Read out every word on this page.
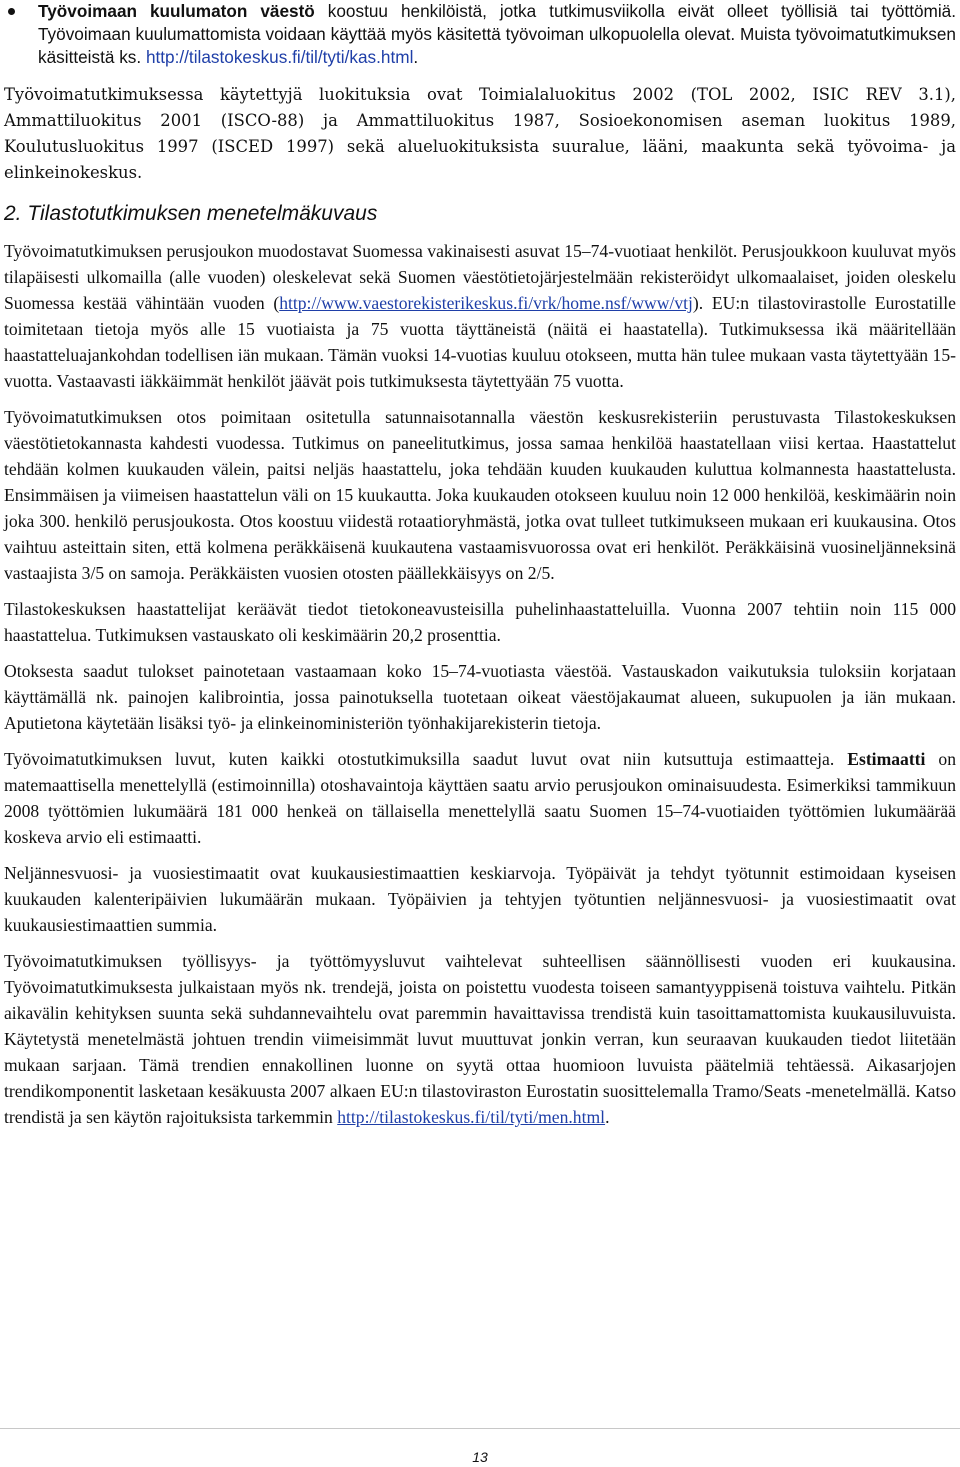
Työvoimaan kuulumaton väestö koostuu henkilöistä, jotka tutkimusviikolla eivät olleet työllisiä tai työttömiä. Työvoimaan kuulumattomista voidaan käyttää myös käsitettä työvoiman ulkopuolella olevat. Muista työvoimatutkimuksen käsitteistä ks. http://tilastokeskus.fi/til/tyti/kas.html.

Työvoimatutkimuksessa käytettyjä luokituksia ovat Toimialaluokitus 2002 (TOL 2002, ISIC REV 3.1), Ammattiluokitus 2001 (ISCO-88) ja Ammattiluokitus 1987, Sosioekonomisen aseman luokitus 1989, Koulutusluokitus 1997 (ISCED 1997) sekä alueluokituksista suuralue, lääni, maakunta sekä työvoima- ja elinkeinokeskus.

2. Tilastotutkimuksen menetelmäkuvaus

Työvoimatutkimuksen perusjoukon muodostavat Suomessa vakinaisesti asuvat 15–74-vuotiaat henkilöt. Perusjoukkoon kuuluvat myös tilapäisesti ulkomailla (alle vuoden) oleskelevat sekä Suomen väestötietojärjestelmään rekisteröidyt ulkomaalaiset, joiden oleskelu Suomessa kestää vähintään vuoden (http://www.vaestorekisterikeskus.fi/vrk/home.nsf/www/vtj). EU:n tilastovirastolle Eurostatille toimitetaan tietoja myös alle 15 vuotiaista ja 75 vuotta täyttäneistä (näitä ei haastatella). Tutkimuksessa ikä määritellään haastatteluajankohdan todellisen iän mukaan. Tämän vuoksi 14-vuotias kuuluu otokseen, mutta hän tulee mukaan vasta täytettyään 15-vuotta. Vastaavasti iäkkäimmät henkilöt jäävät pois tutkimuksesta täytettyään 75 vuotta.

Työvoimatutkimuksen otos poimitaan ositetulla satunnaisotannalla väestön keskusrekisteriin perustuvasta Tilastokeskuksen väestötietokannasta kahdesti vuodessa. Tutkimus on paneelitutkimus, jossa samaa henkilöä haastatellaan viisi kertaa. Haastattelut tehdään kolmen kuukauden välein, paitsi neljäs haastattelu, joka tehdään kuuden kuukauden kuluttua kolmannesta haastattelusta. Ensimmäisen ja viimeisen haastattelun väli on 15 kuukautta. Joka kuukauden otokseen kuuluu noin 12 000 henkilöä, keskimäärin noin joka 300. henkilö perusjoukosta. Otos koostuu viidestä rotaatioryhmästä, jotka ovat tulleet tutkimukseen mukaan eri kuukausina. Otos vaihtuu asteittain siten, että kolmena peräkkäisenä kuukautena vastaamisvuorossa ovat eri henkilöt. Peräkkäisinä vuosineljänneksinä vastaajista 3/5 on samoja. Peräkkäisten vuosien otosten päällekkäisyys on 2/5.

Tilastokeskuksen haastattelijat keräävät tiedot tietokoneavusteisilla puhelinhaastatteluilla. Vuonna 2007 tehtiin noin 115 000 haastattelua. Tutkimuksen vastauskato oli keskimäärin 20,2 prosenttia.

Otoksesta saadut tulokset painotetaan vastaamaan koko 15–74-vuotiasta väestöä. Vastauskadon vaikutuksia tuloksiin korjataan käyttämällä nk. painojen kalibrointia, jossa painotuksella tuotetaan oikeat väestöjakaumat alueen, sukupuolen ja iän mukaan. Aputietona käytetään lisäksi työ- ja elinkeinoministeriön työnhakijarekisterin tietoja.

Työvoimatutkimuksen luvut, kuten kaikki otostutkimuksilla saadut luvut ovat niin kutsuttuja estimaatteja. Estimaatti on matemaattisella menettelyllä (estimoinnilla) otoshavaintoja käyttäen saatu arvio perusjoukon ominaisuudesta. Esimerkiksi tammikuun 2008 työttömien lukumäärä 181 000 henkeä on tällaisella menettelyllä saatu Suomen 15–74-vuotiaiden työttömien lukumäärää koskeva arvio eli estimaatti.

Neljännesvuosi- ja vuosiestimaatit ovat kuukausiestimaattien keskiarvoja. Työpäivät ja tehdyt työtunnit estimoidaan kyseisen kuukauden kalenteripäivien lukumäärän mukaan. Työpäivien ja tehtyjen työtuntien neljännesvuosi- ja vuosiestimaatit ovat kuukausiestimaattien summia.

Työvoimatutkimuksen työllisyys- ja työttömyysluvut vaihtelevat suhteellisen säännöllisesti vuoden eri kuukausina. Työvoimatutkimuksesta julkaistaan myös nk. trendejä, joista on poistettu vuodesta toiseen samantyyppisenä toistuva vaihtelu. Pitkän aikavälin kehityksen suunta sekä suhdannevaihtelu ovat paremmin havaittavissa trendistä kuin tasoittamattomista kuukausiluvuista. Käytetystä menetelmästä johtuen trendin viimeisimmät luvut muuttuvat jonkin verran, kun seuraavan kuukauden tiedot liitetään mukaan sarjaan. Tämä trendien ennakollinen luonne on syytä ottaa huomioon luvuista päätelmiä tehtäessä. Aikasarjojen trendikomponentit lasketaan kesäkuusta 2007 alkaen EU:n tilastoviraston Eurostatin suosittelemalla Tramo/Seats -menetelmällä. Katso trendistä ja sen käytön rajoituksista tarkemmin http://tilastokeskus.fi/til/tyti/men.html.

13
